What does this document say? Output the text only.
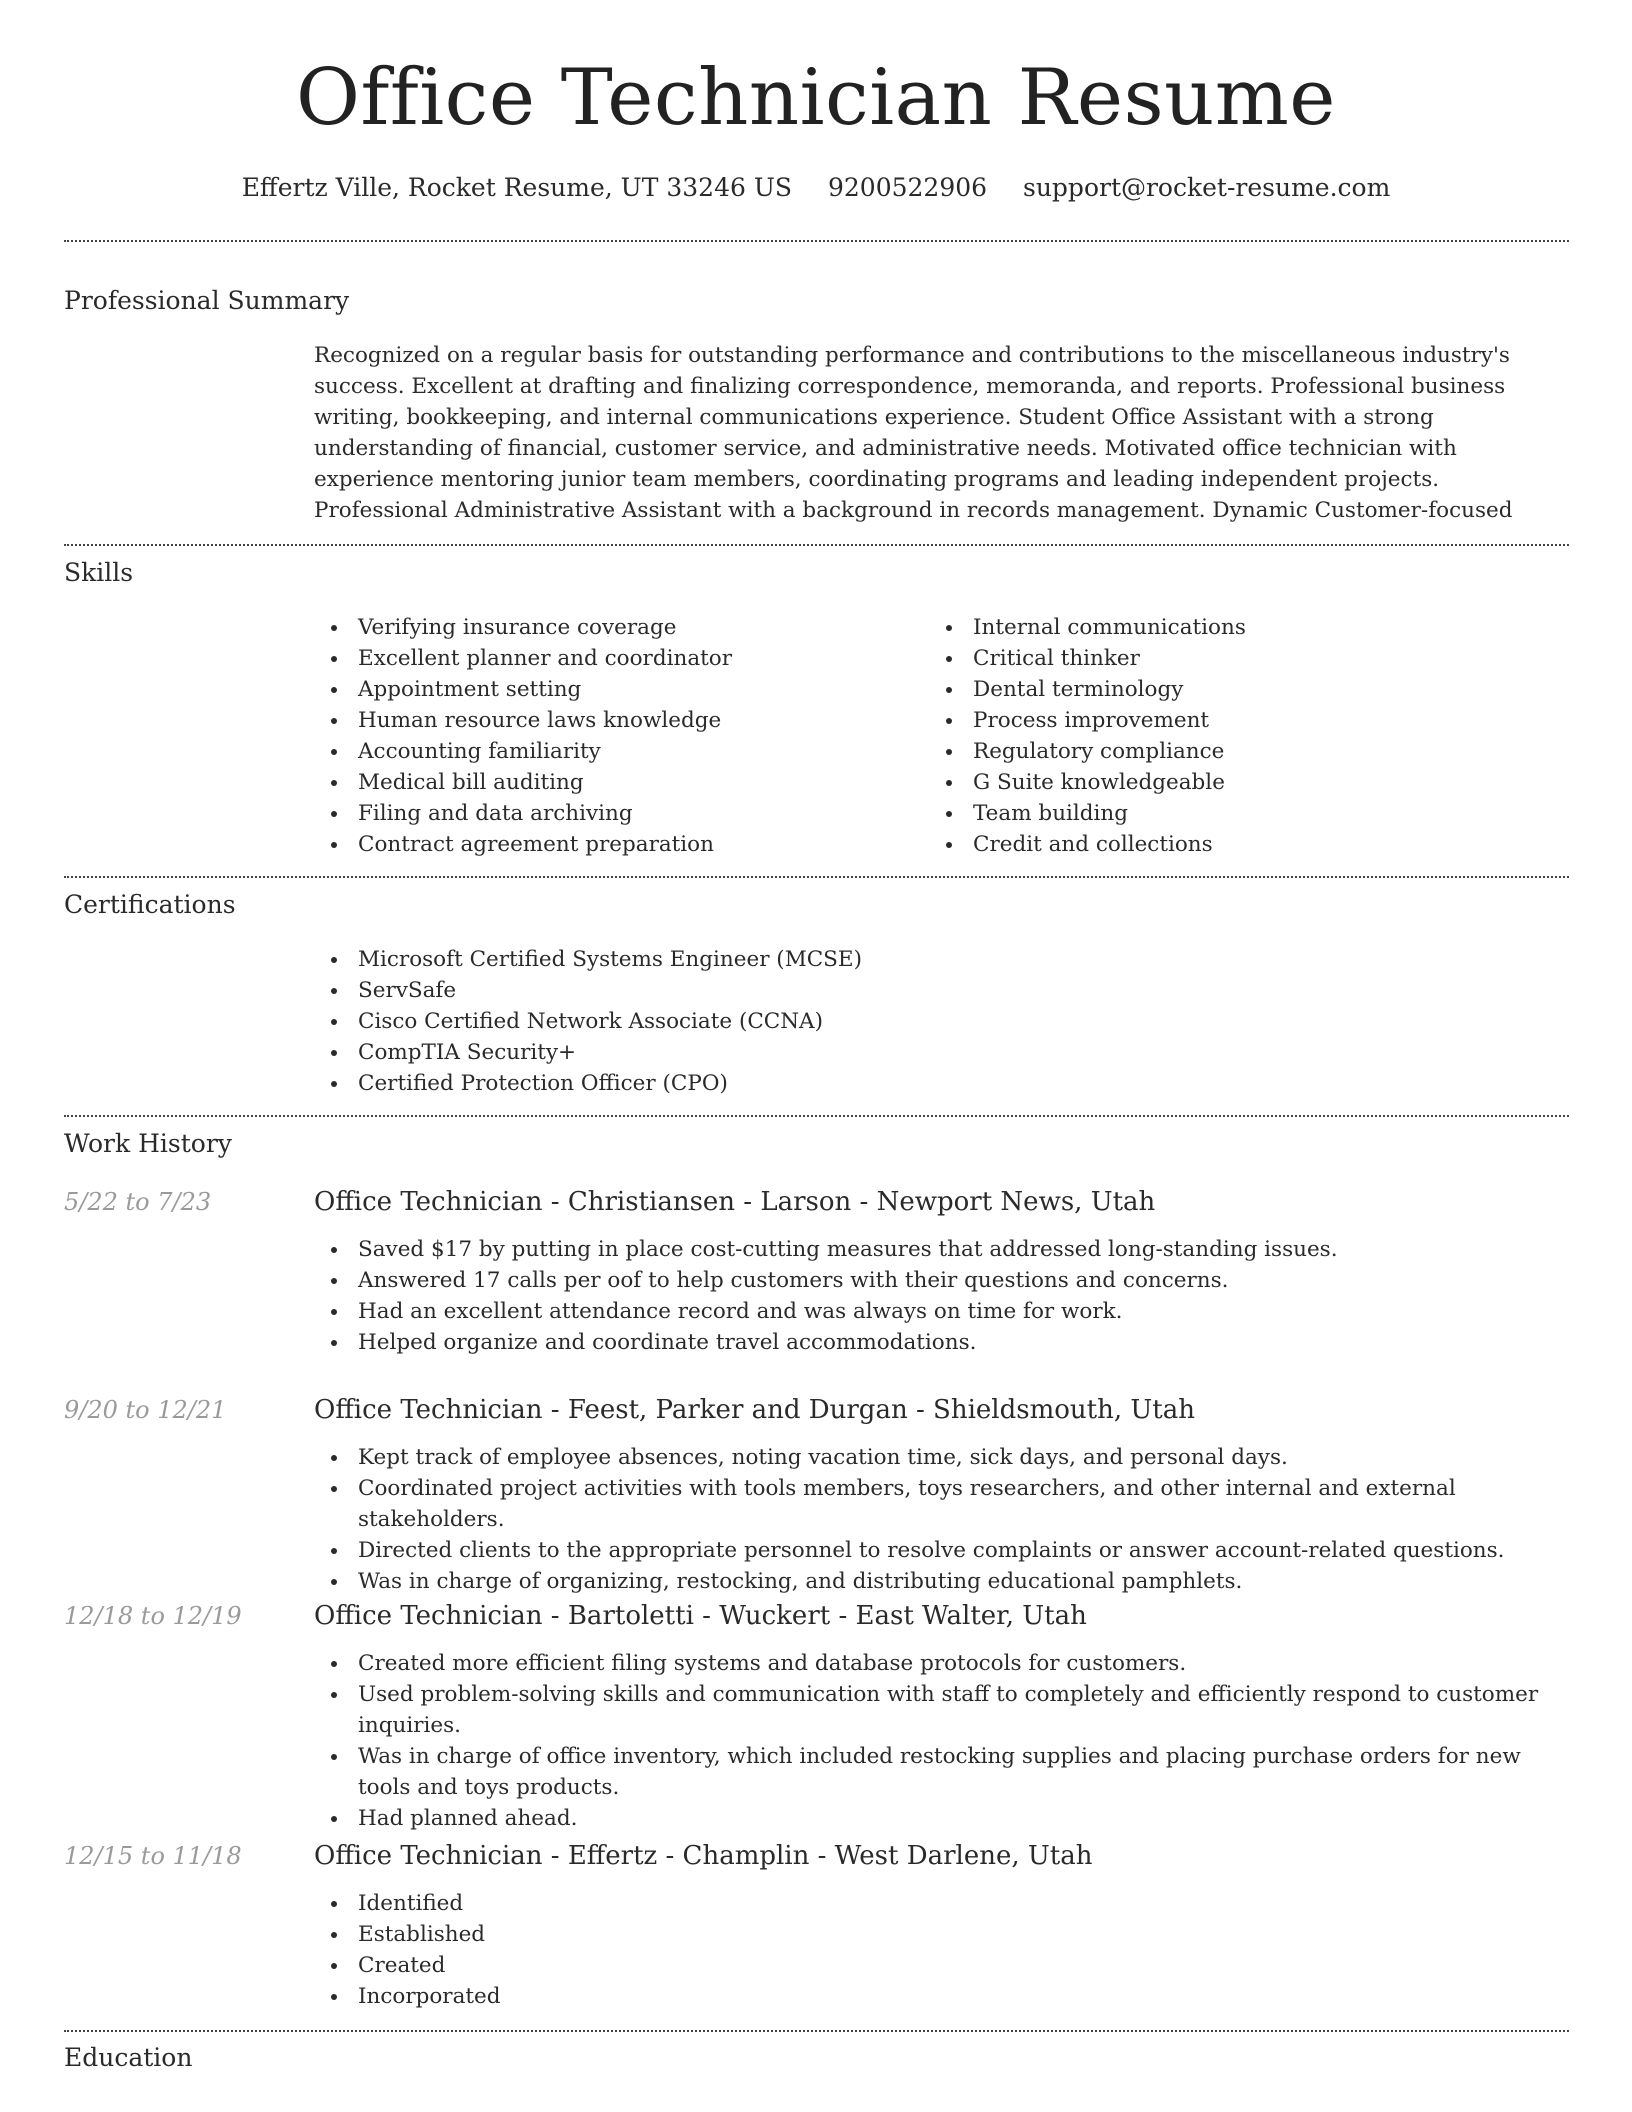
Office Technician Resume
Effertz Ville, Rocket Resume, UT 33246 US 9200522906 support@rocket-resume.com
Professional Summary

Recognized on a regular basis for outstanding performance and contributions to the miscellaneous industry's success. Excellent at drafting and finalizing correspondence, memoranda, and reports. Professional business writing, bookkeeping, and internal communications experience. Student Office Assistant with a strong understanding of financial, customer service, and administrative needs. Motivated office technician with experience mentoring junior team members, coordinating programs and leading independent projects. Professional Administrative Assistant with a background in records management. Dynamic Customer-focused

Skills
Verifying insurance coverage
Excellent planner and coordinator
Appointment setting
Human resource laws knowledge
Accounting familiarity
Medical bill auditing
Filing and data archiving
Contract agreement preparation
Internal communications
Critical thinker
Dental terminology
Process improvement
Regulatory compliance
G Suite knowledgeable
Team building
Credit and collections
Certifications
Microsoft Certified Systems Engineer (MCSE)
ServSafe
Cisco Certified Network Associate (CCNA)
CompTIA Security+
Certified Protection Officer (CPO)
Work History
5/22 to 7/23	Office Technician - Christiansen - Larson - Newport News, Utah
Saved $17 by putting in place cost-cutting measures that addressed long-standing issues.
Answered 17 calls per oof to help customers with their questions and concerns.
Had an excellent attendance record and was always on time for work.
Helped organize and coordinate travel accommodations.
9/20 to 12/21	Office Technician - Feest, Parker and Durgan - Shieldsmouth, Utah
Kept track of employee absences, noting vacation time, sick days, and personal days.
Coordinated project activities with tools members, toys researchers, and other internal and external stakeholders.
Directed clients to the appropriate personnel to resolve complaints or answer account-related questions.
Was in charge of organizing, restocking, and distributing educational pamphlets.
12/18 to 12/19	Office Technician - Bartoletti - Wuckert - East Walter, Utah
Created more efficient filing systems and database protocols for customers.
Used problem-solving skills and communication with staff to completely and efficiently respond to customer inquiries.
Was in charge of office inventory, which included restocking supplies and placing purchase orders for new tools and toys products.
Had planned ahead.
12/15 to 11/18	Office Technician - Effertz - Champlin - West Darlene, Utah
Identified
Established
Created
Incorporated
Education
